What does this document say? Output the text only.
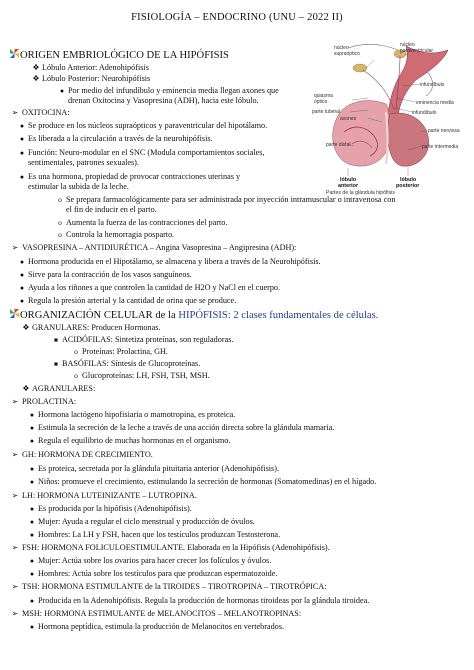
FISIOLOGÍA – ENDOCRINO (UNU – 2022 II)
ORIGEN EMBRIOLÓGICO DE LA HIPÓFISIS
❖ Lóbulo Anterior: Adenohipófisis
❖ Lóbulo Posterior: Neurohipófisis
● Por medio del infundíbulo y eminencia media llegan axones que
drenan Oxitocina y Vasopresina (ADH), hacia este lóbulo.
➢ OXITOCINA:
● Se produce en los núcleos supraópticos y paraventricular del hipotálamo.
● Es liberada a la circulación a través de la neurohipófisis.
● Función: Neuro-modular en el SNC (Modula comportamientos sociales,
sentimentales, patrones sexuales).
● Es una hormona, propiedad de provocar contracciones uterinas y
estimular la subida de la leche.
o Se prepara farmacológicamente para ser administrada por inyección intramuscular o intravenosa con
el fin de inducir en el parto.
o Aumenta la fuerza de las contracciones del parto.
o Controla la hemorragia posparto.
➢ VASOPRESINA – ANTIDIURÉTICA – Angina Vasopresina – Angipresina (ADH):
● Hormona producida en el Hipotálamo, se almacena y libera a través de la Neurohipófisis.
● Sirve para la contracción de los vasos sanguíneos.
● Ayuda a los riñones a que controlen la cantidad de H2O y NaCl en el cuerpo.
● Regula la presión arterial y la cantidad de orina que se produce.
ORGANIZACIÓN CELULAR de la HIPÓFISIS: 2 clases fundamentales de células.
❖ GRANULARES: Producen Hormonas.
■ ACIDÓFILAS: Sintetiza proteínas, son reguladoras.
o Proteínas: Prolactina, GH.
■ BASÓFILAS: Síntesis de Glucoproteínas.
o Glucoproteínas: LH, FSH, TSH, MSH.
❖ AGRANULARES:
➢ PROLACTINA:
● Hormona lactógeno hipofisiaria o mamotropina, es proteica.
● Estimula la secreción de la leche a través de una acción directa sobre la glándula mamaria.
● Regula el equilibrio de muchas hormonas en el organismo.
➢ GH: HORMONA DE CRECIMIENTO.
● Es proteica, secretada por la glándula pituitaria anterior (Adenohipófisis).
● Niños: promueve el crecimiento, estimulando la secreción de hormonas (Somatomedinas) en el hígado.
➢ LH: HORMONA LUTEINIZANTE – LUTROPINA.
● Es producida por la hipófisis (Adenohipófisis).
● Mujer: Ayuda a regular el ciclo menstrual y producción de óvulos.
● Hombres: La LH y FSH, hacen que los testículos produzcan Testosterona.
➢ FSH: HORMONA FOLICULOESTIMULANTE. Elaborada en la Hipófisis (Adenohipófisis).
● Mujer: Actúa sobre los ovarios para hacer crecer los folículos y óvulos.
● Hombres: Actúa sobre los testículos para que produzcan espermatozoide.
➢ TSH: HORMONA ESTIMULANTE de la TIROIDES – TIROTROPINA – TIROTRÓPICA:
● Producida en la Adenohipófisis. Regula la producción de hormonas tiroideas por la glándula tiroidea.
➢ MSH: HORMONA ESTIMULANTE de MELANOCITOS – MELANOTROPINAS:
● Hormona peptídica, estimula la producción de Melanocitos en vertebrados.
núcleo
supraóptico
núcleo
paraventricular
infundíbulo
quiasma
óptico	eminencia media
parte tuberal	infundíbulo
axones
parte nerviosa
parte distal	parte intermedia
lóbulo
anterior
lóbulo
posterior
Partes de la glándula hipófisis
